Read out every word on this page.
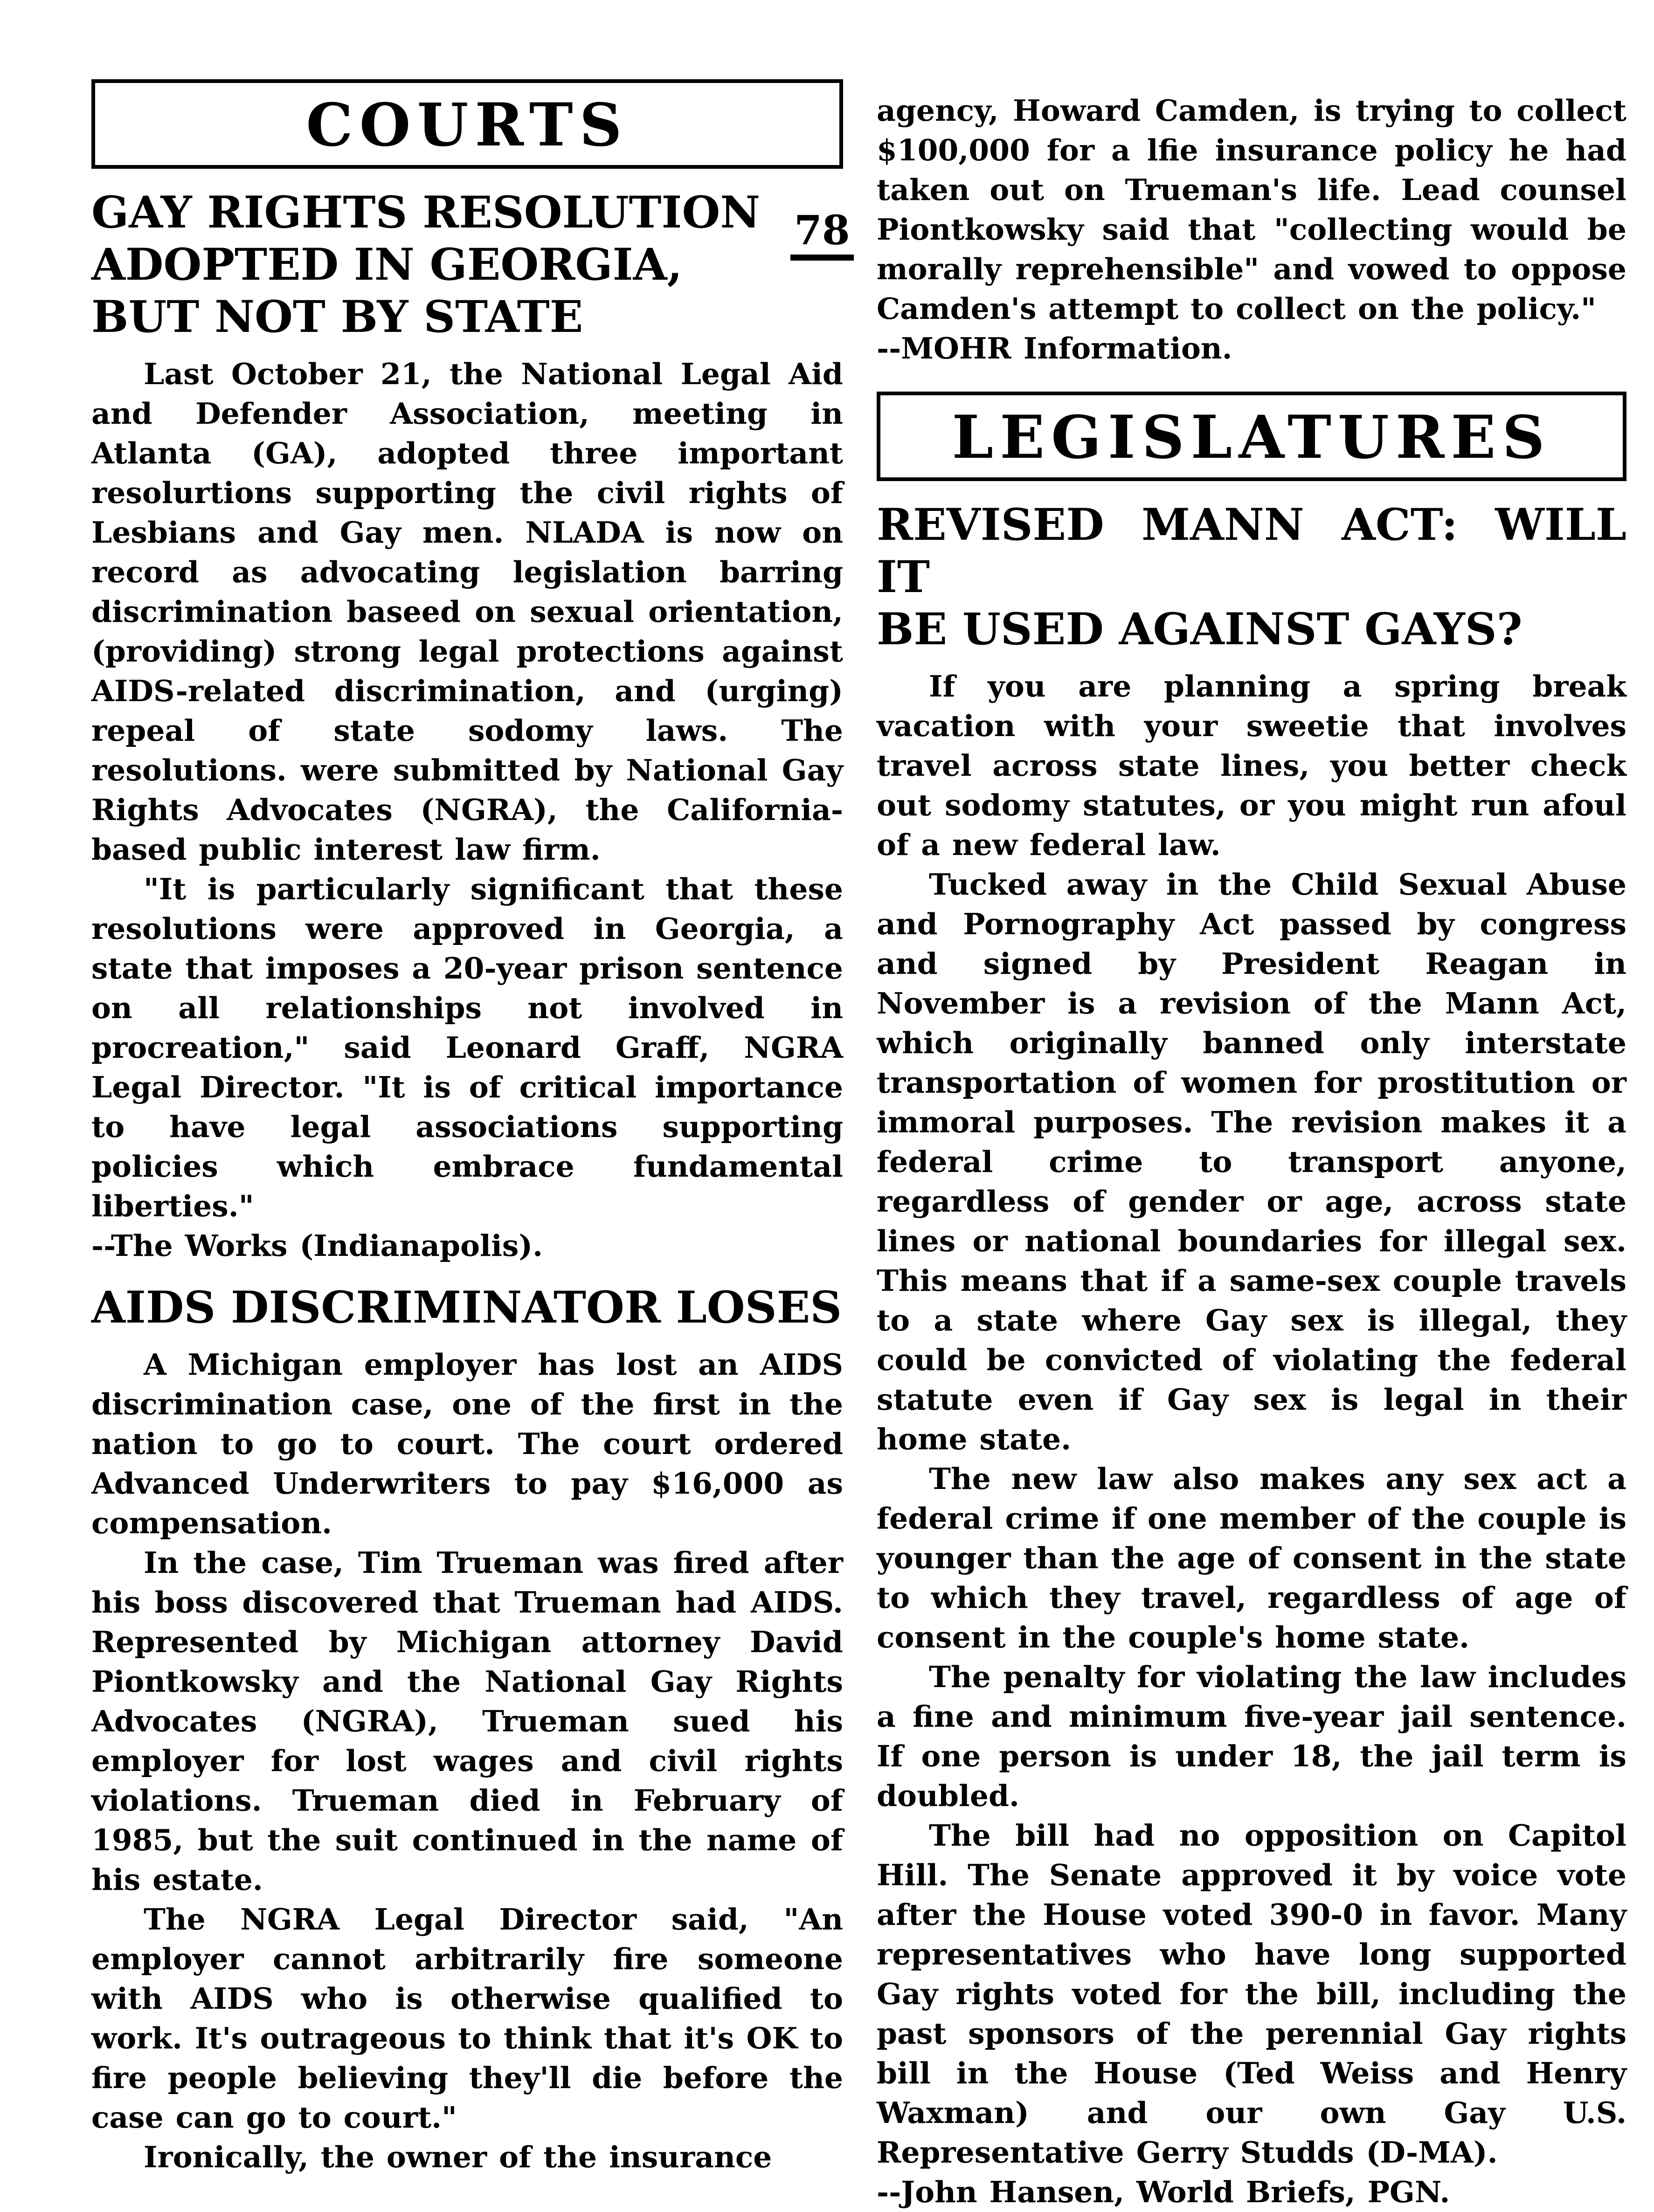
78
COURTS
GAY RIGHTS RESOLUTION
ADOPTED IN GEORGIA,
BUT NOT BY STATE

Last October 21, the National Legal Aid and Defender Association, meeting in Atlanta (GA), adopted three important resolurtions supporting the civil rights of Lesbians and Gay men. NLADA is now on record as advocating legislation barring discrimination baseed on sexual orientation, (providing) strong legal protections against AIDS-related discrimination, and (urging) repeal of state sodomy laws. The resolutions. were submitted by National Gay Rights Advocates (NGRA), the California-based public interest law firm.

"It is particularly significant that these resolutions were approved in Georgia, a state that imposes a 20-year prison sentence on all relationships not involved in procreation," said Leonard Graff, NGRA Legal Director. "It is of critical importance to have legal associations supporting policies which embrace fundamental liberties."

--The Works (Indianapolis).

AIDS DISCRIMINATOR LOSES

A Michigan employer has lost an AIDS discrimination case, one of the first in the nation to go to court. The court ordered Advanced Underwriters to pay $16,000 as compensation.

In the case, Tim Trueman was fired after his boss discovered that Trueman had AIDS. Represented by Michigan attorney David Piontkowsky and the National Gay Rights Advocates (NGRA), Trueman sued his employer for lost wages and civil rights violations. Trueman died in February of 1985, but the suit continued in the name of his estate.

The NGRA Legal Director said, "An employer cannot arbitrarily fire someone with AIDS who is otherwise qualified to work. It's outrageous to think that it's OK to fire people believing they'll die before the case can go to court."

Ironically, the owner of the insurance

agency, Howard Camden, is trying to collect $100,000 for a lfie insurance policy he had taken out on Trueman's life. Lead counsel Piontkowsky said that "collecting would be morally reprehensible" and vowed to oppose Camden's attempt to collect on the policy."

--MOHR Information.

LEGISLATURES
REVISED MANN ACT: WILL IT
BE USED AGAINST GAYS?

If you are planning a spring break vacation with your sweetie that involves travel across state lines, you better check out sodomy statutes, or you might run afoul of a new federal law.

Tucked away in the Child Sexual Abuse and Pornography Act passed by congress and signed by President Reagan in November is a revision of the Mann Act, which originally banned only interstate transportation of women for prostitution or immoral purposes. The revision makes it a federal crime to transport anyone, regardless of gender or age, across state lines or national boundaries for illegal sex. This means that if a same-sex couple travels to a state where Gay sex is illegal, they could be convicted of violating the federal statute even if Gay sex is legal in their home state.

The new law also makes any sex act a federal crime if one member of the couple is younger than the age of consent in the state to which they travel, regardless of age of consent in the couple's home state.

The penalty for violating the law includes a fine and minimum five-year jail sentence. If one person is under 18, the jail term is doubled.

The bill had no opposition on Capitol Hill. The Senate approved it by voice vote after the House voted 390-0 in favor. Many representatives who have long supported Gay rights voted for the bill, including the past sponsors of the perennial Gay rights bill in the House (Ted Weiss and Henry Waxman) and our own Gay U.S. Representative Gerry Studds (D-MA).

--John Hansen, World Briefs, PGN.
